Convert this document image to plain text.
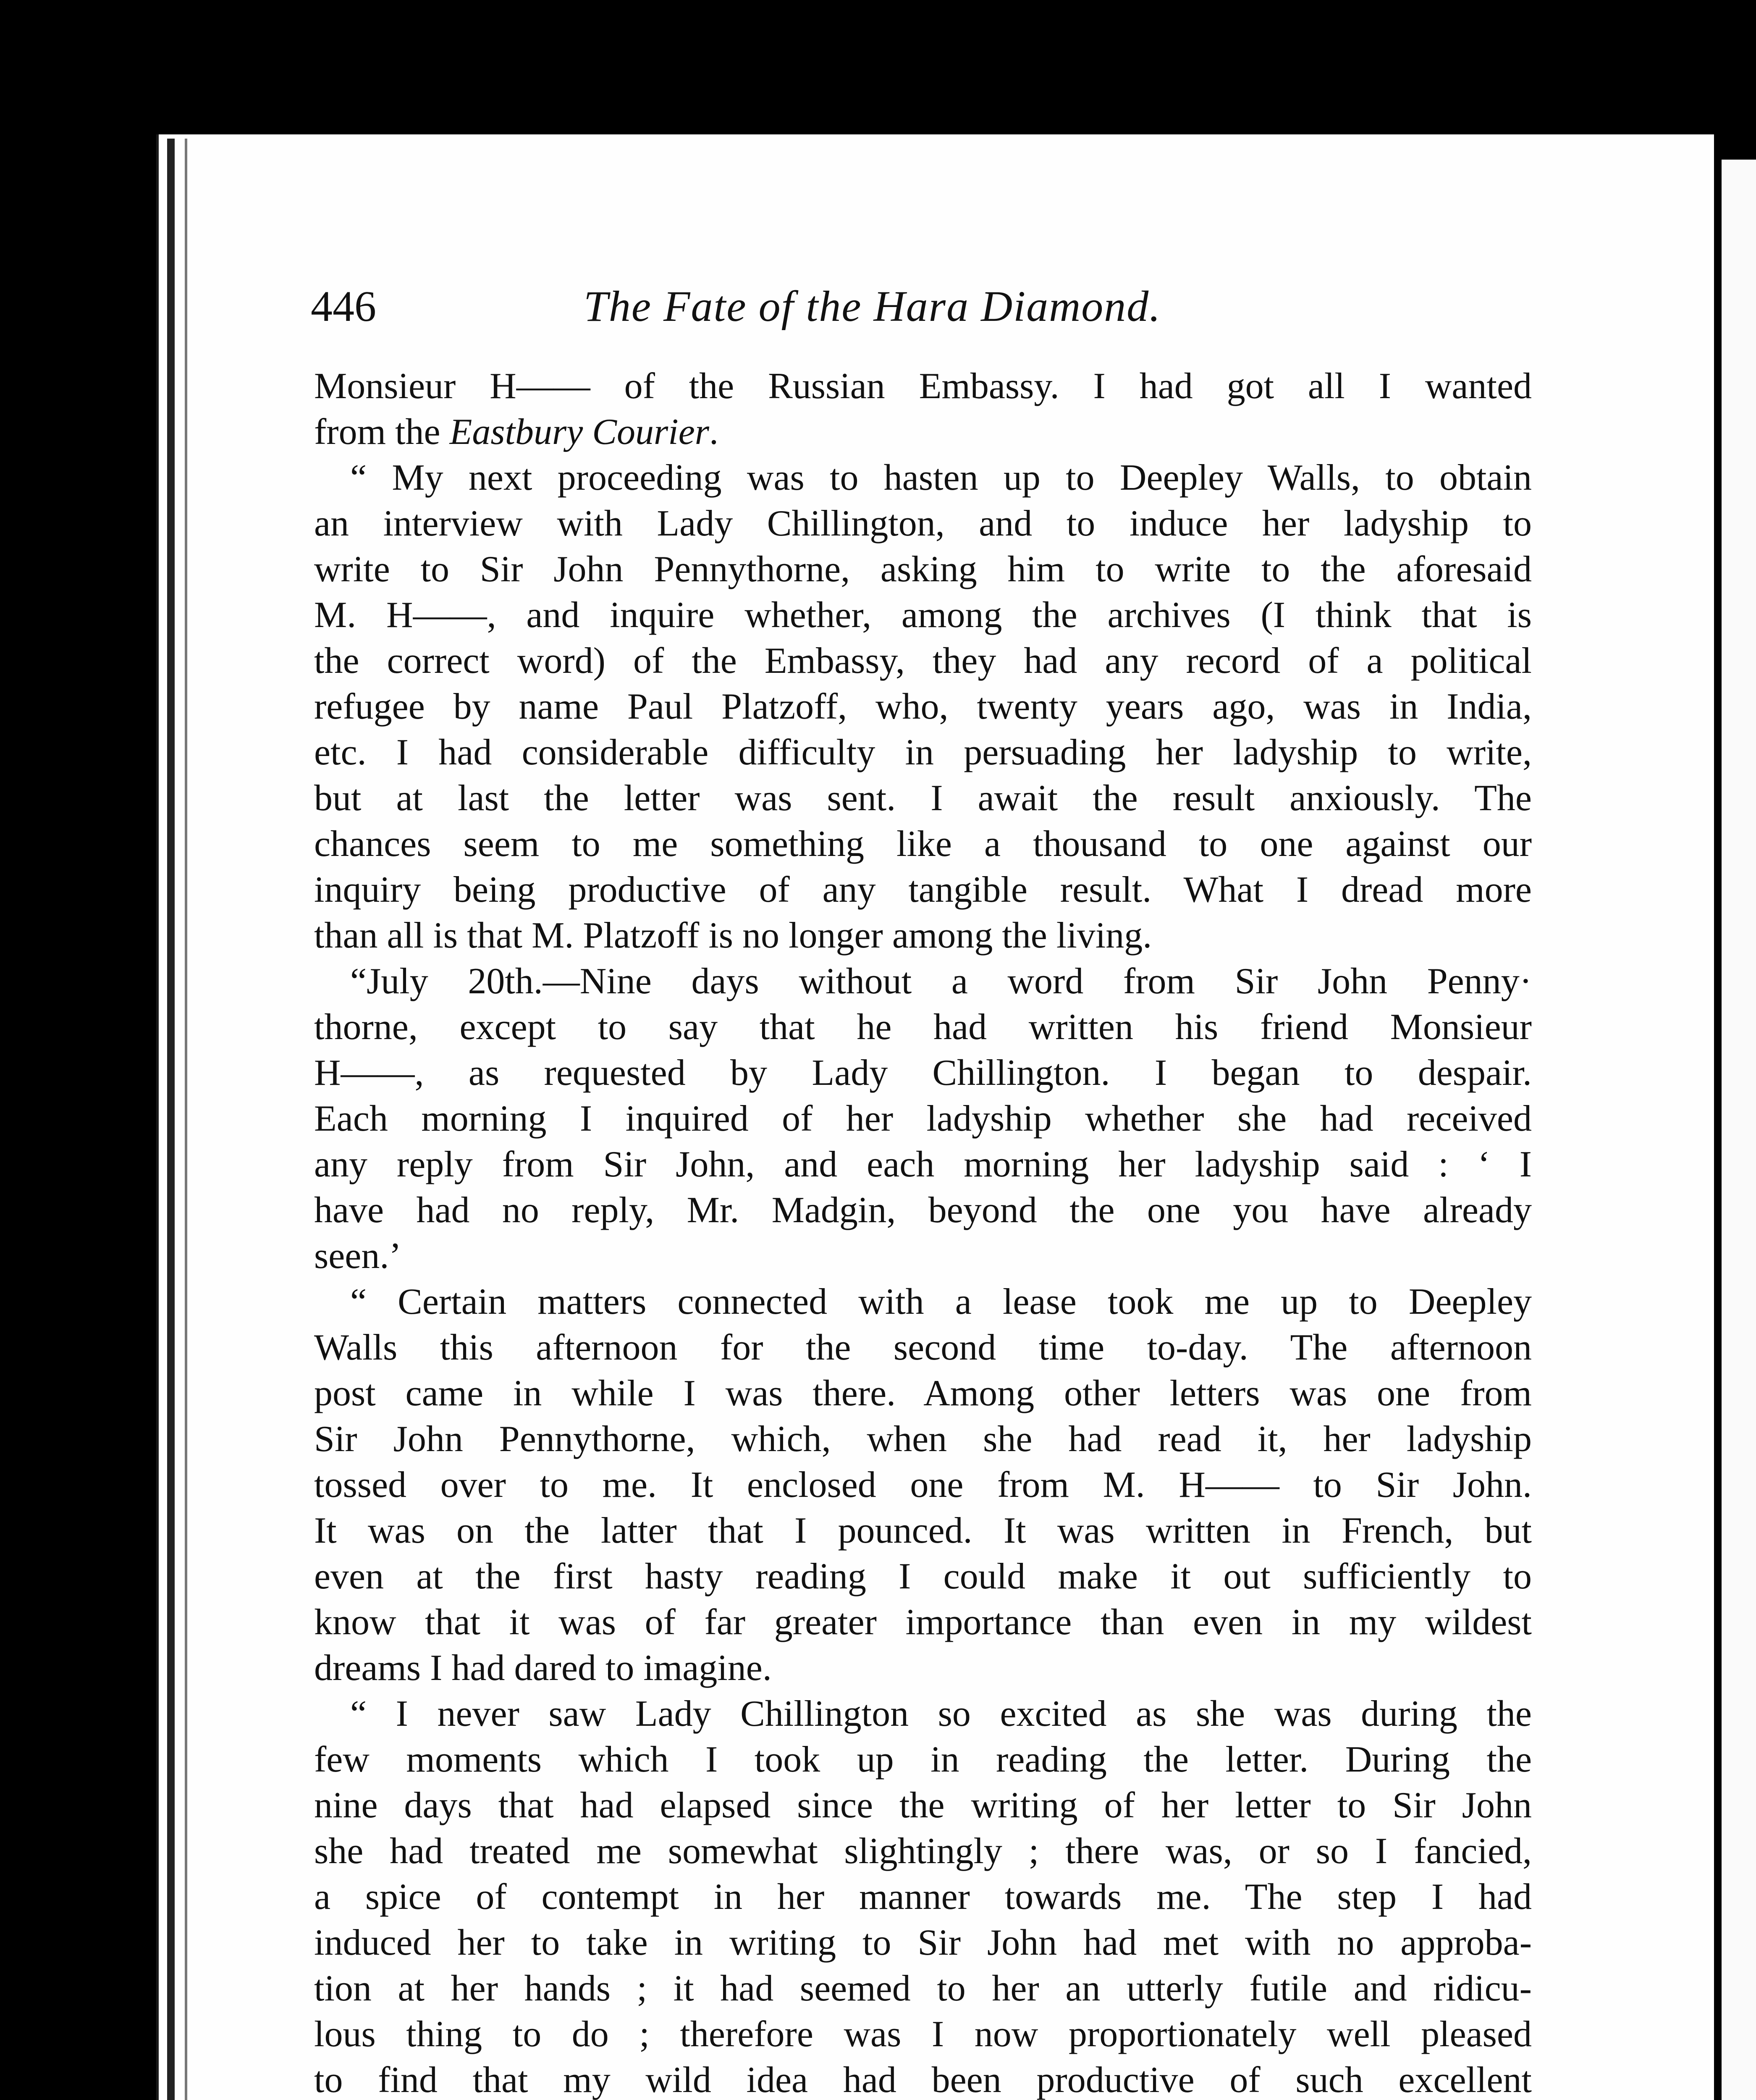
446	The Fate of the Hara Diamond.
Monsieur H—— of the Russian Embassy. I had got all I wanted
from the Eastbury Courier.
“ My next proceeding was to hasten up to Deepley Walls, to obtain
an interview with Lady Chillington, and to induce her ladyship to
write to Sir John Pennythorne, asking him to write to the aforesaid
M. H——, and inquire whether, among the archives (I think that is
the correct word) of the Embassy, they had any record of a political
refugee by name Paul Platzoff, who, twenty years ago, was in India,
etc. I had considerable difficulty in persuading her ladyship to write,
but at last the letter was sent. I await the result anxiously. The
chances seem to me something like a thousand to one against our
inquiry being productive of any tangible result. What I dread more
than all is that M. Platzoff is no longer among the living.
“July 20th.—Nine days without a word from Sir John Penny·
thorne, except to say that he had written his friend Monsieur
H——, as requested by Lady Chillington. I began to despair.
Each morning I inquired of her ladyship whether she had received
any reply from Sir John, and each morning her ladyship said : ‘ I
have had no reply, Mr. Madgin, beyond the one you have already
seen.’
“ Certain matters connected with a lease took me up to Deepley
Walls this afternoon for the second time to-day. The afternoon
post came in while I was there. Among other letters was one from
Sir John Pennythorne, which, when she had read it, her ladyship
tossed over to me. It enclosed one from M. H—— to Sir John.
It was on the latter that I pounced. It was written in French, but
even at the first hasty reading I could make it out sufficiently to
know that it was of far greater importance than even in my wildest
dreams I had dared to imagine.
“ I never saw Lady Chillington so excited as she was during the
few moments which I took up in reading the letter. During the
nine days that had elapsed since the writing of her letter to Sir John
she had treated me somewhat slightingly ; there was, or so I fancied,
a spice of contempt in her manner towards me. The step I had
induced her to take in writing to Sir John had met with no approba-
tion at her hands ; it had seemed to her an utterly futile and ridicu-
lous thing to do ; therefore was I now proportionately well pleased
to find that my wild idea had been productive of such excellent
